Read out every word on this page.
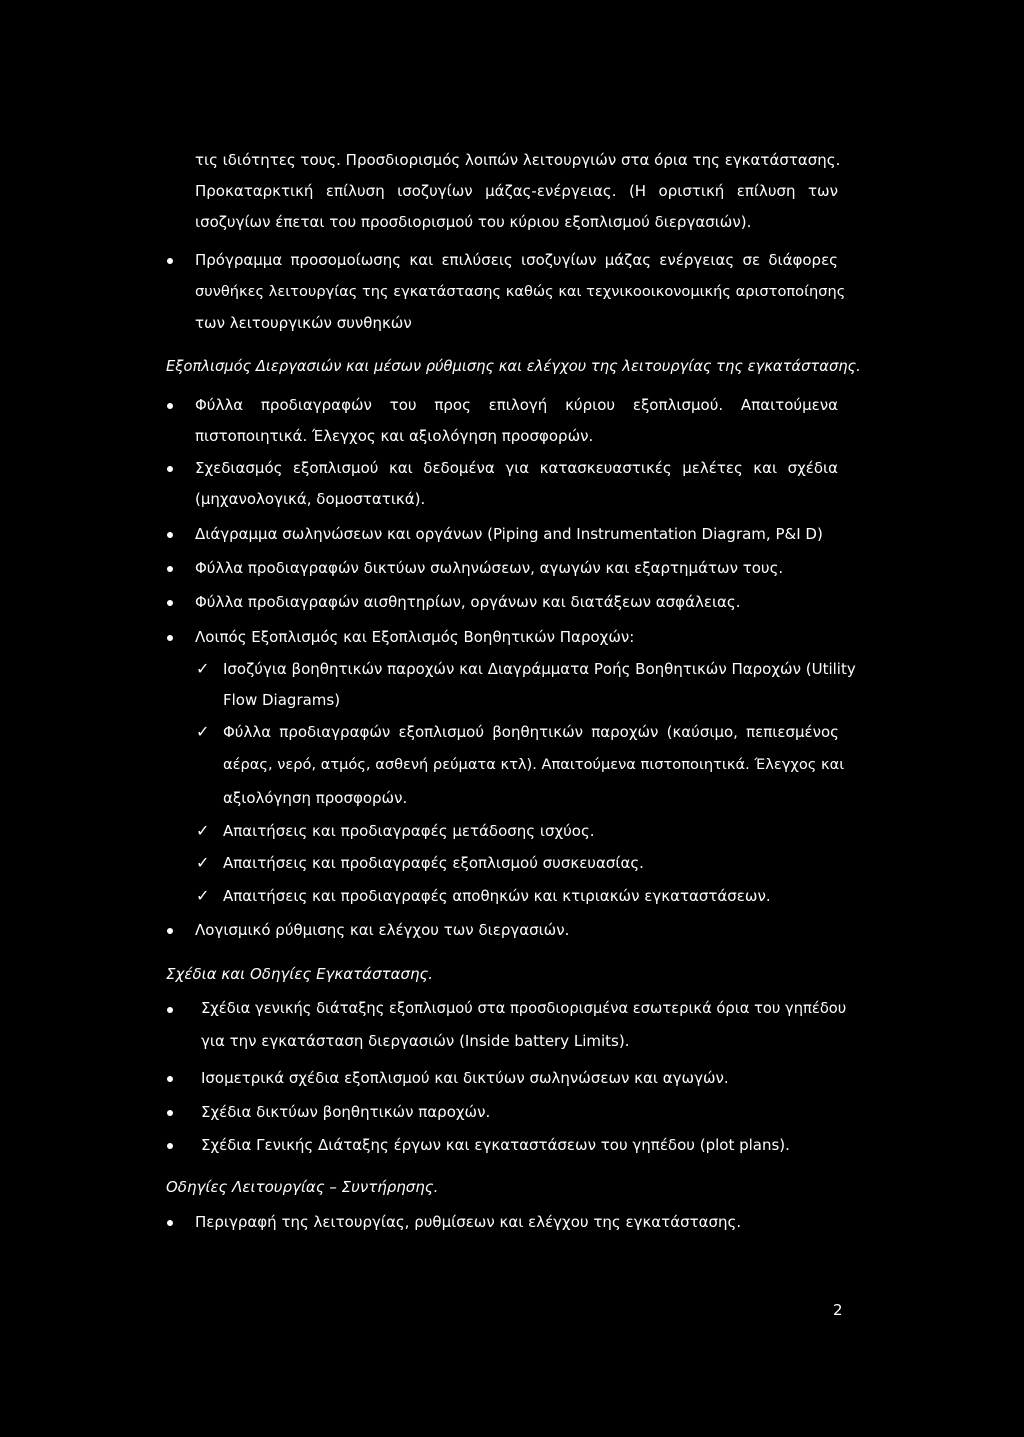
τις ιδιότητες τους. Προσδιορισμός λοιπών λειτουργιών στα όρια της εγκατάστασης.
Προκαταρκτική επίλυση ισοζυγίων μάζας-ενέργειας. (Η οριστική επίλυση των
ισοζυγίων έπεται του προσδιορισμού του κύριου εξοπλισμού διεργασιών).
Πρόγραμμα προσομοίωσης και επιλύσεις ισοζυγίων μάζας ενέργειας σε διάφορες
συνθήκες λειτουργίας της εγκατάστασης καθώς και τεχνικοοικονομικής αριστοποίησης
των λειτουργικών συνθηκών
Εξοπλισμός Διεργασιών και μέσων ρύθμισης και ελέγχου της λειτουργίας της εγκατάστασης.
Φύλλα προδιαγραφών του προς επιλογή κύριου εξοπλισμού. Απαιτούμενα
πιστοποιητικά. Έλεγχος και αξιολόγηση προσφορών.
Σχεδιασμός εξοπλισμού και δεδομένα για κατασκευαστικές μελέτες και σχέδια
(μηχανολογικά, δομοστατικά).
Διάγραμμα σωληνώσεων και οργάνων (Piping and Instrumentation Diagram, P&I D)
Φύλλα προδιαγραφών δικτύων σωληνώσεων, αγωγών και εξαρτημάτων τους.
Φύλλα προδιαγραφών αισθητηρίων, οργάνων και διατάξεων ασφάλειας.
Λοιπός Εξοπλισμός και Εξοπλισμός Βοηθητικών Παροχών:
✓ Ισοζύγια βοηθητικών παροχών και Διαγράμματα Ροής Βοηθητικών Παροχών (Utility
Flow Diagrams)
✓ Φύλλα προδιαγραφών εξοπλισμού βοηθητικών παροχών (καύσιμο, πεπιεσμένος
αέρας, νερό, ατμός, ασθενή ρεύματα κτλ). Απαιτούμενα πιστοποιητικά. Έλεγχος και
αξιολόγηση προσφορών.
✓ Απαιτήσεις και προδιαγραφές μετάδοσης ισχύος.
✓ Απαιτήσεις και προδιαγραφές εξοπλισμού συσκευασίας.
✓ Απαιτήσεις και προδιαγραφές αποθηκών και κτιριακών εγκαταστάσεων.
Λογισμικό ρύθμισης και ελέγχου των διεργασιών.
Σχέδια και Οδηγίες Εγκατάστασης.
Σχέδια γενικής διάταξης εξοπλισμού στα προσδιορισμένα εσωτερικά όρια του γηπέδου
για την εγκατάσταση διεργασιών (Inside battery Limits).
Ισομετρικά σχέδια εξοπλισμού και δικτύων σωληνώσεων και αγωγών.
Σχέδια δικτύων βοηθητικών παροχών.
Σχέδια Γενικής Διάταξης έργων και εγκαταστάσεων του γηπέδου (plot plans).
Οδηγίες Λειτουργίας – Συντήρησης.
Περιγραφή της λειτουργίας, ρυθμίσεων και ελέγχου της εγκατάστασης.
2
